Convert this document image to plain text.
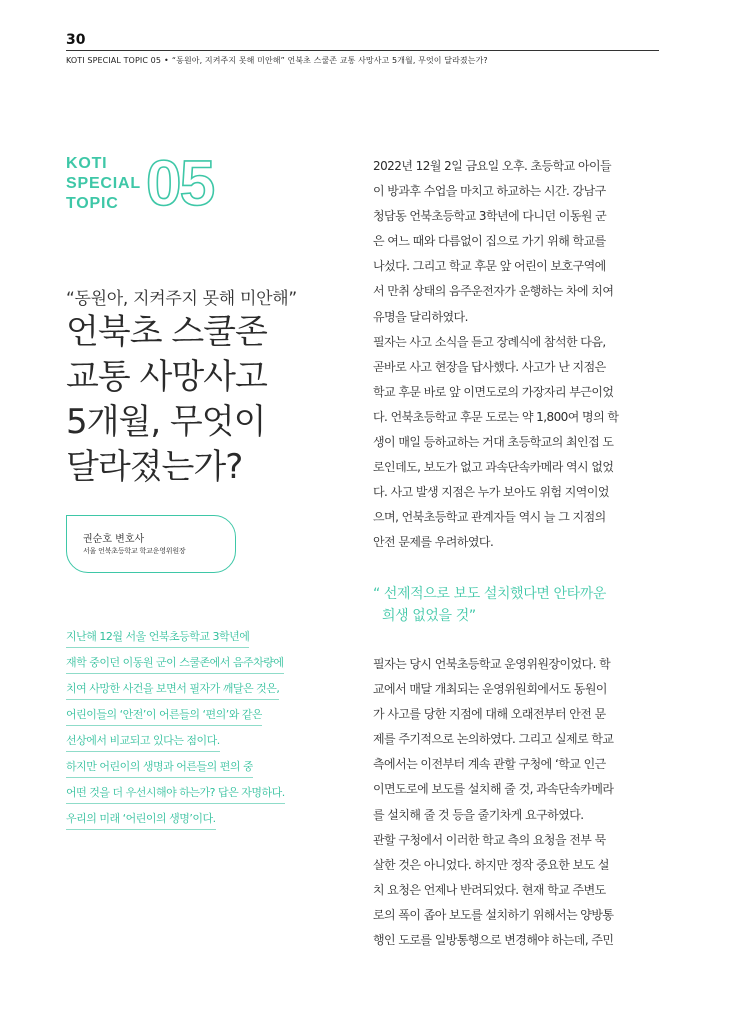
30
KOTI SPECIAL TOPIC 05 • “동원아, 지켜주지 못해 미안해” 언북초 스쿨존 교통 사망사고 5개월, 무엇이 달라졌는가?
KOTI
SPECIAL
TOPIC 05
“동원아, 지켜주지 못해 미안해”
언북초 스쿨존
교통 사망사고
5개월, 무엇이
달라졌는가?
권순호 변호사
서울 언북초등학교 학교운영위원장
지난해 12월 서울 언북초등학교 3학년에
재학 중이던 이동원 군이 스쿨존에서 음주차량에
치여 사망한 사건을 보면서 필자가 깨달은 것은,
어린이들의 ‘안전’이 어른들의 ‘편의’와 같은
선상에서 비교되고 있다는 점이다.
하지만 어린이의 생명과 어른들의 편의 중
어떤 것을 더 우선시해야 하는가? 답은 자명하다.
우리의 미래 ‘어린이의 생명’이다.
2022년 12월 2일 금요일 오후. 초등학교 아이들
이 방과후 수업을 마치고 하교하는 시간. 강남구
청담동 언북초등학교 3학년에 다니던 이동원 군
은 여느 때와 다름없이 집으로 가기 위해 학교를
나섰다. 그리고 학교 후문 앞 어린이 보호구역에
서 만취 상태의 음주운전자가 운행하는 차에 치여
유명을 달리하였다.
필자는 사고 소식을 듣고 장례식에 참석한 다음,
곧바로 사고 현장을 답사했다. 사고가 난 지점은
학교 후문 바로 앞 이면도로의 가장자리 부근이었
다. 언북초등학교 후문 도로는 약 1,800여 명의 학
생이 매일 등하교하는 거대 초등학교의 최인접 도
로인데도, 보도가 없고 과속단속카메라 역시 없었
다. 사고 발생 지점은 누가 보아도 위험 지역이었
으며, 언북초등학교 관계자들 역시 늘 그 지점의
안전 문제를 우려하였다.
“ 선제적으로 보도 설치했다면 안타까운
희생 없었을 것”
필자는 당시 언북초등학교 운영위원장이었다. 학
교에서 매달 개최되는 운영위원회에서도 동원이
가 사고를 당한 지점에 대해 오래전부터 안전 문
제를 주기적으로 논의하였다. 그리고 실제로 학교
측에서는 이전부터 계속 관할 구청에 ‘학교 인근
이면도로에 보도를 설치해 줄 것, 과속단속카메라
를 설치해 줄 것 등을 줄기차게 요구하였다.
관할 구청에서 이러한 학교 측의 요청을 전부 묵
살한 것은 아니었다. 하지만 정작 중요한 보도 설
치 요청은 언제나 반려되었다. 현재 학교 주변도
로의 폭이 좁아 보도를 설치하기 위해서는 양방통
행인 도로를 일방통행으로 변경해야 하는데, 주민
